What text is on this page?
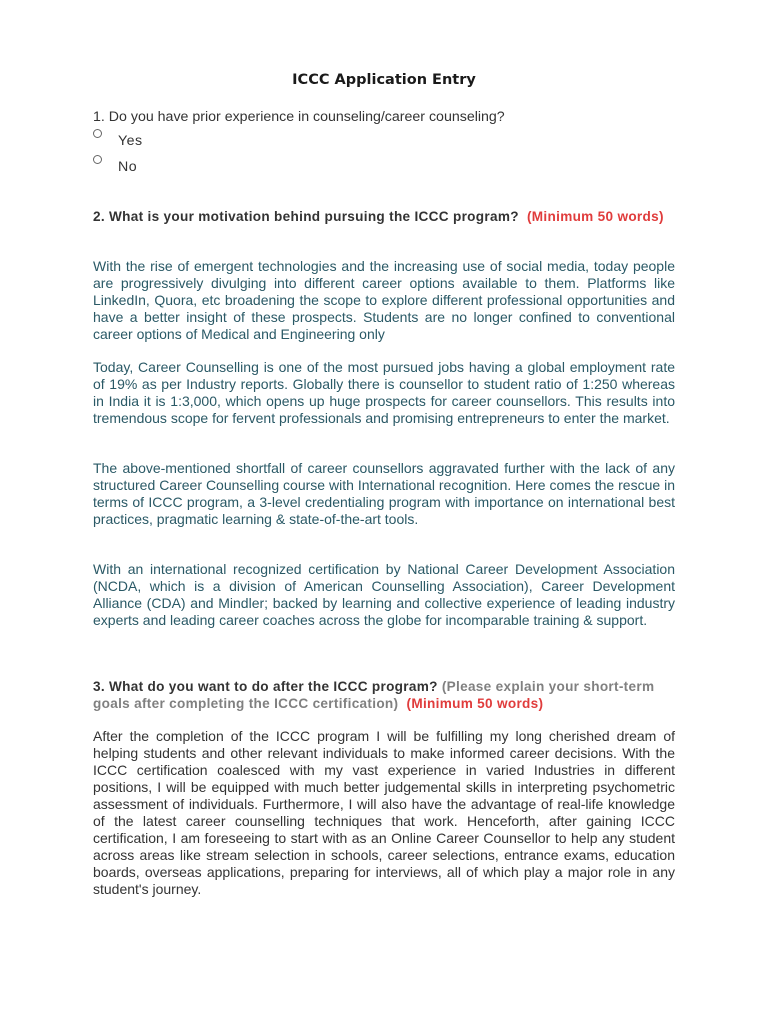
ICCC Application Entry

1. Do you have prior experience in counseling/career counseling?

Yes
No

2. What is your motivation behind pursuing the ICCC program? (Minimum 50 words)

With the rise of emergent technologies and the increasing use of social media, today people are progressively divulging into different career options available to them. Platforms like LinkedIn, Quora, etc broadening the scope to explore different professional opportunities and have a better insight of these prospects. Students are no longer confined to conventional career options of Medical and Engineering only

Today, Career Counselling is one of the most pursued jobs having a global employment rate of 19% as per Industry reports. Globally there is counsellor to student ratio of 1:250 whereas in India it is 1:3,000, which opens up huge prospects for career counsellors. This results into tremendous scope for fervent professionals and promising entrepreneurs to enter the market.

The above-mentioned shortfall of career counsellors aggravated further with the lack of any structured Career Counselling course with International recognition. Here comes the rescue in terms of ICCC program, a 3-level credentialing program with importance on international best practices, pragmatic learning & state-of-the-art tools.

With an international recognized certification by National Career Development Association (NCDA, which is a division of American Counselling Association), Career Development Alliance (CDA) and Mindler; backed by learning and collective experience of leading industry experts and leading career coaches across the globe for incomparable training & support.

3. What do you want to do after the ICCC program? (Please explain your short-term goals after completing the ICCC certification) (Minimum 50 words)

After the completion of the ICCC program I will be fulfilling my long cherished dream of helping students and other relevant individuals to make informed career decisions. With the ICCC certification coalesced with my vast experience in varied Industries in different positions, I will be equipped with much better judgemental skills in interpreting psychometric assessment of individuals. Furthermore, I will also have the advantage of real-life knowledge of the latest career counselling techniques that work. Henceforth, after gaining ICCC certification, I am foreseeing to start with as an Online Career Counsellor to help any student across areas like stream selection in schools, career selections, entrance exams, education boards, overseas applications, preparing for interviews, all of which play a major role in any student's journey.
